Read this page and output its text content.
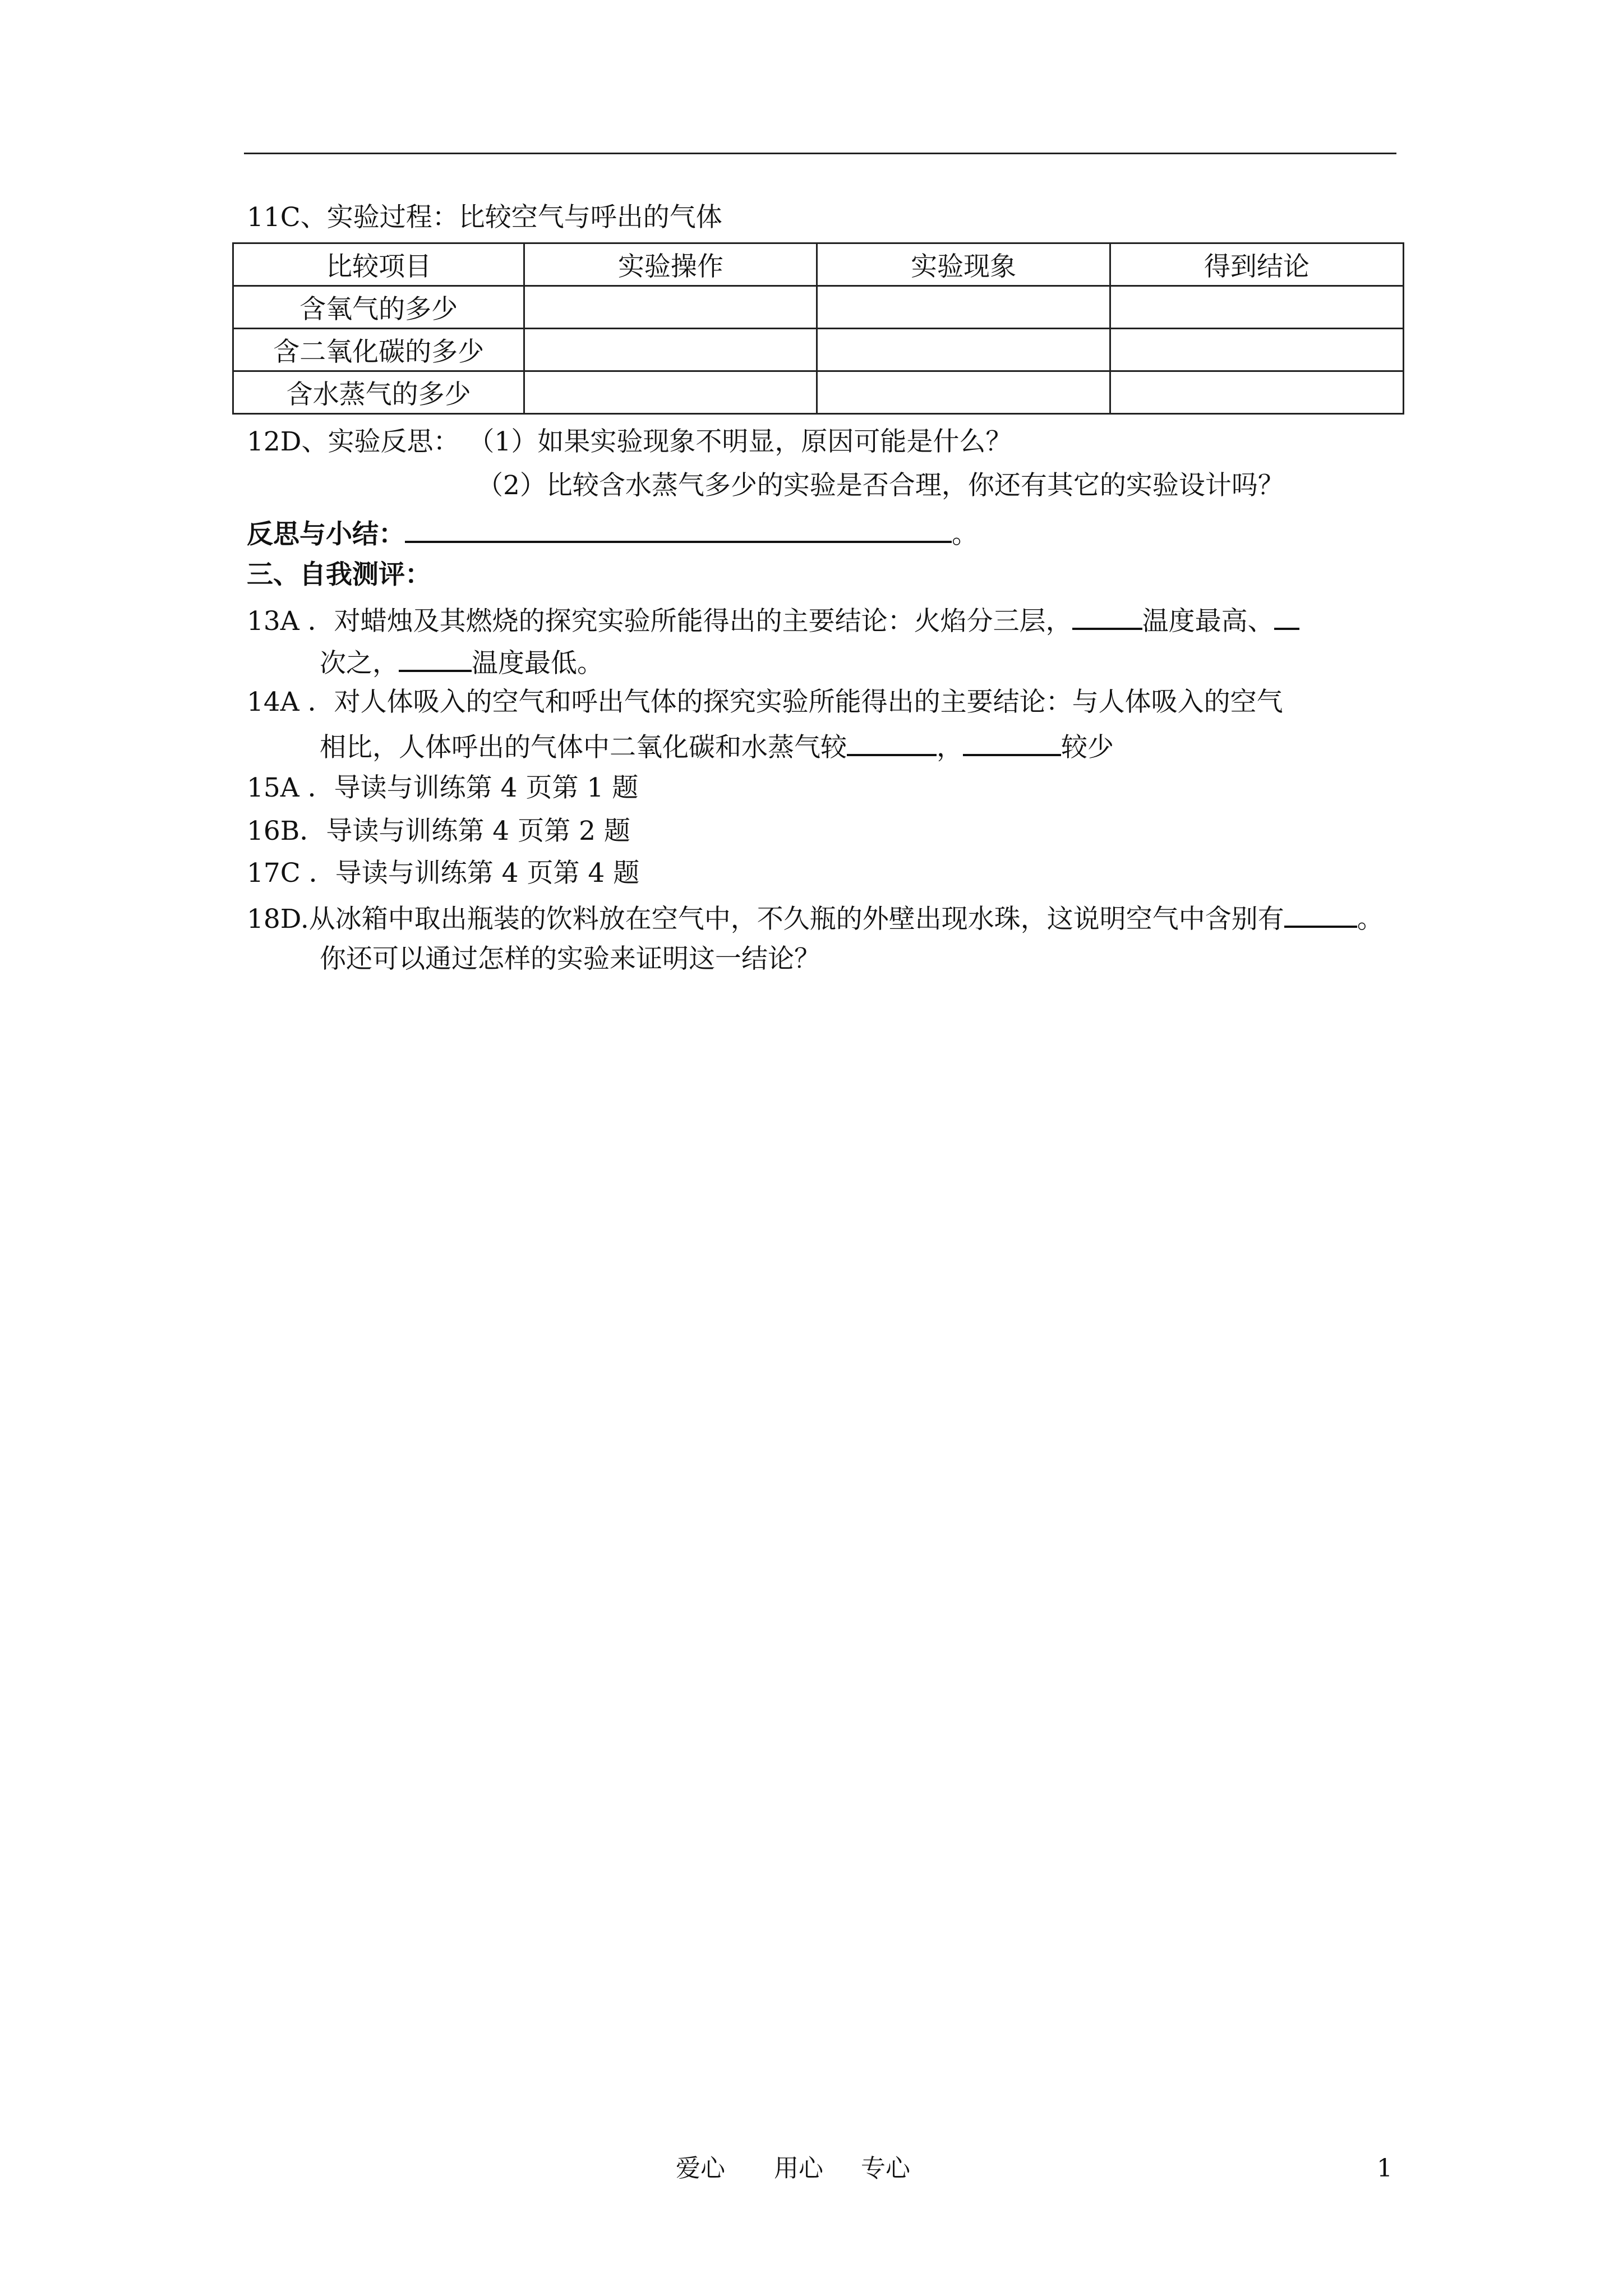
11C、实验过程：比较空气与呼出的气体
比较项目	实验操作	实验现象	得到结论
含氧气的多少			
含二氧化碳的多少			
含水蒸气的多少			
12D、实验反思： （1）如果实验现象不明显，原因可能是什么？
（2）比较含水蒸气多少的实验是否合理，你还有其它的实验设计吗？
反思与小结：	。
三、自我测评：
13A ．对蜡烛及其燃烧的探究实验所能得出的主要结论：火焰分三层，	温度最高、
次之，	温度最低。
14A ．对人体吸入的空气和呼出气体的探究实验所能得出的主要结论：与人体吸入的空气
相比，人体呼出的气体中二氧化碳和水蒸气较	，	较少
15A ．导读与训练第 4 页第 1 题
16B．导读与训练第 4 页第 2 题
17C ．导读与训练第 4 页第 4 题
18D.从冰箱中取出瓶装的饮料放在空气中，不久瓶的外壁出现水珠，这说明空气中含别有	。
你还可以通过怎样的实验来证明这一结论？
爱心 用心 专心	1
